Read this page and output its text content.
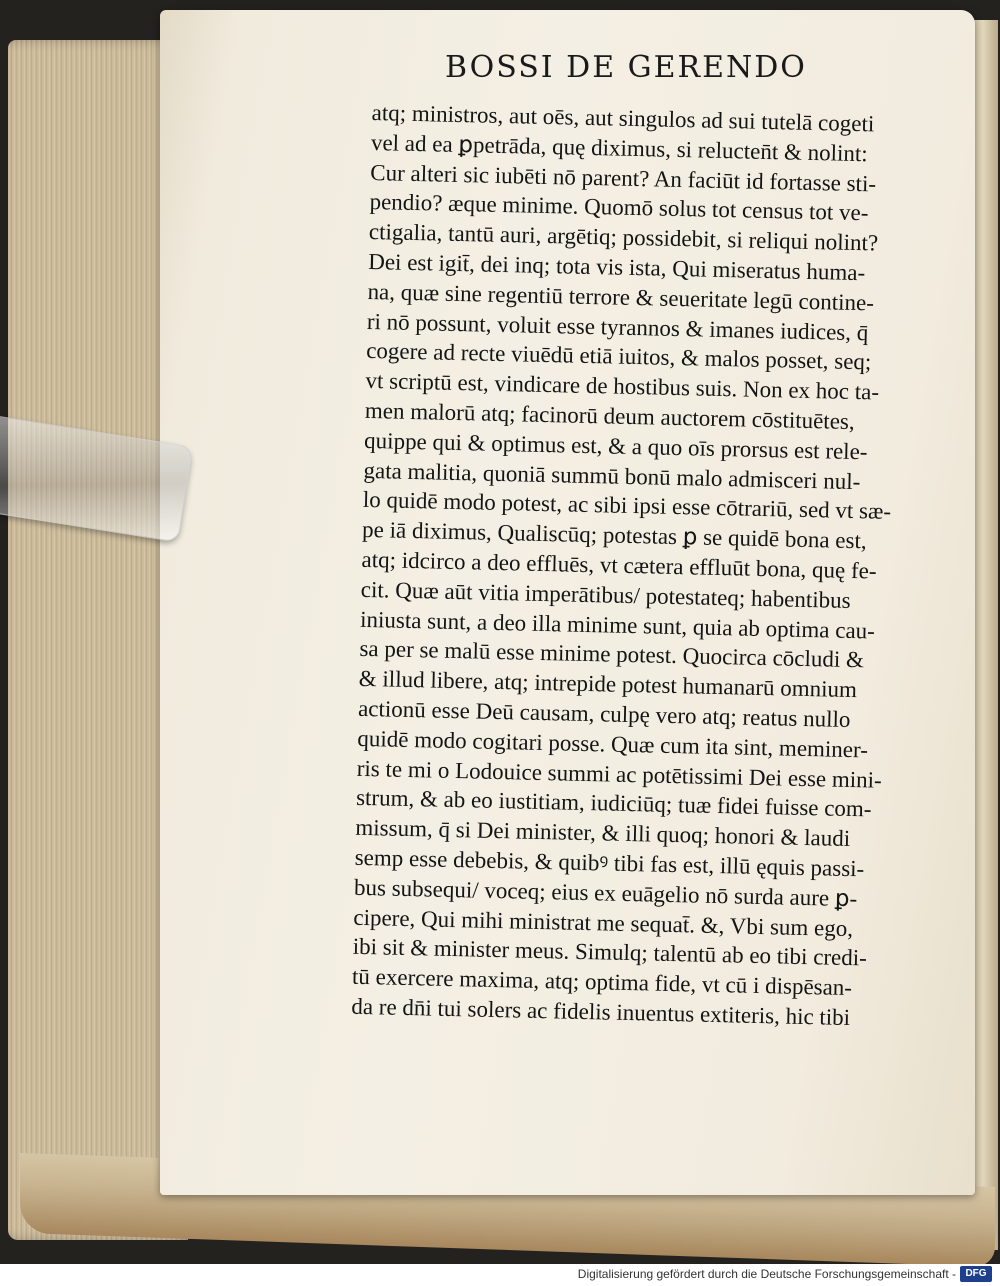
BOSSI DE GERENDO
atq; ministros, aut oēs, aut singulos ad sui tutelā cogeti
vel ad ea ꝑpetrāda, quę diximus, si relucten̄t & nolint:
Cur alteri sic iubēti nō parent? An faciūt id fortasse sti-
pendio? æque minime. Quomō solus tot census tot ve-
ctigalia, tantū auri, argētiq; possidebit, si reliqui nolint?
Dei est igit̄, dei inq; tota vis ista, Qui miseratus huma-
na, quæ sine regentiū terrore & seueritate legū contine-
ri nō possunt, voluit esse tyrannos & imanes iudices, q̄
cogere ad recte viuēdū etiā iuitos, & malos posset, seq;
vt scriptū est, vindicare de hostibus suis. Non ex hoc ta-
men malorū atq; facinorū deum auctorem cōstituētes,
quippe qui & optimus est, & a quo oīs prorsus est rele-
gata malitia, quoniā summū bonū malo admisceri nul-
lo quidē modo potest, ac sibi ipsi esse cōtrariū, sed vt sæ-
pe iā diximus, Qualiscūq; potestas ꝑ se quidē bona est,
atq; idcirco a deo effluēs, vt cætera effluūt bona, quę fe-
cit. Quæ aūt vitia imperātibus/ potestateq; habentibus
iniusta sunt, a deo illa minime sunt, quia ab optima cau-
sa per se malū esse minime potest. Quocirca cōcludi &
& illud libere, atq; intrepide potest humanarū omnium
actionū esse Deū causam, culpę vero atq; reatus nullo
quidē modo cogitari posse. Quæ cum ita sint, meminer-
ris te mi o Lodouice summi ac potētissimi Dei esse mini-
strum, & ab eo iustitiam, iudiciūq; tuæ fidei fuisse com-
missum, q̄ si Dei minister, & illi quoq; honori & laudi
semp esse debebis, & quibꝰ tibi fas est, illū ęquis passi-
bus subsequi/ voceq; eius ex euāgelio nō surda aure ꝑ-
cipere, Qui mihi ministrat me sequat̄. &, Vbi sum ego,
ibi sit & minister meus. Simulq; talentū ab eo tibi credi-
tū exercere maxima, atq; optima fide, vt cū i dispēsan-
da re dn̄i tui solers ac fidelis inuentus extiteris, hic tibi
Digitalisierung gefördert durch die Deutsche Forschungsgemeinschaft - DFG
